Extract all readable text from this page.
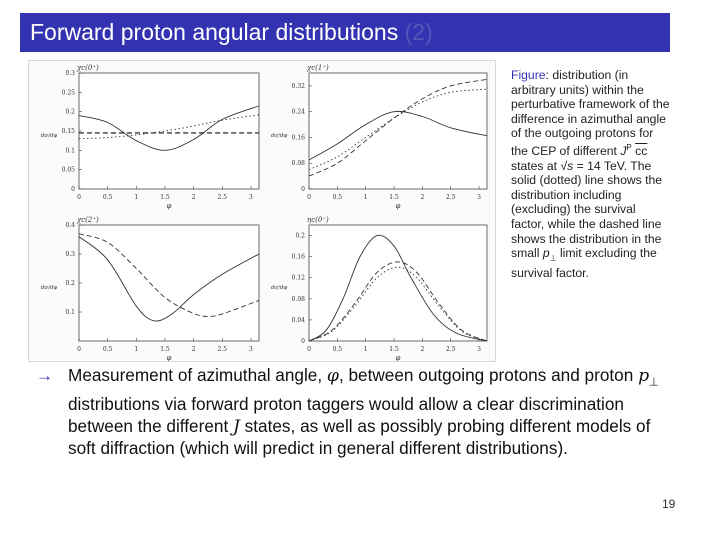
Forward proton angular distributions (2)
0	0.5	1	1.5	2	2.5	3
0
0.05
0.1
0.15
0.2
0.25
0.3
χc(0⁺)
dσ/dφ
φ
0	0.5	1	1.5	2	2.5	3
0
0.08
0.16
0.24
0.32
χc(1⁺)
dσ/dφ
φ
0	0.5	1	1.5	2	2.5	3
0.1
0.2
0.3
0.4
χc(2⁺)
dσ/dφ
φ
0	0.5	1	1.5	2	2.5	3
0
0.04
0.08
0.12
0.16
0.2
ηc(0⁻)
dσ/dφ
φ
Figure: distribution (in arbitrary units) within the perturbative framework of the difference in azimuthal angle of the outgoing protons for the CEP of different $J^P$ $\overline{cc}$ states at √s = 14 TeV. The solid (dotted) line shows the distribution including (excluding) the survival factor, while the dashed line shows the distribution in the small $p_\perp$ limit excluding the survival factor.
→ Measurement of azimuthal angle, φ, between outgoing protons and proton $p_\perp$ distributions via forward proton taggers would allow a clear discrimination between the different J states, as well as possibly probing different models of soft diffraction (which will predict in general different distributions).
19
